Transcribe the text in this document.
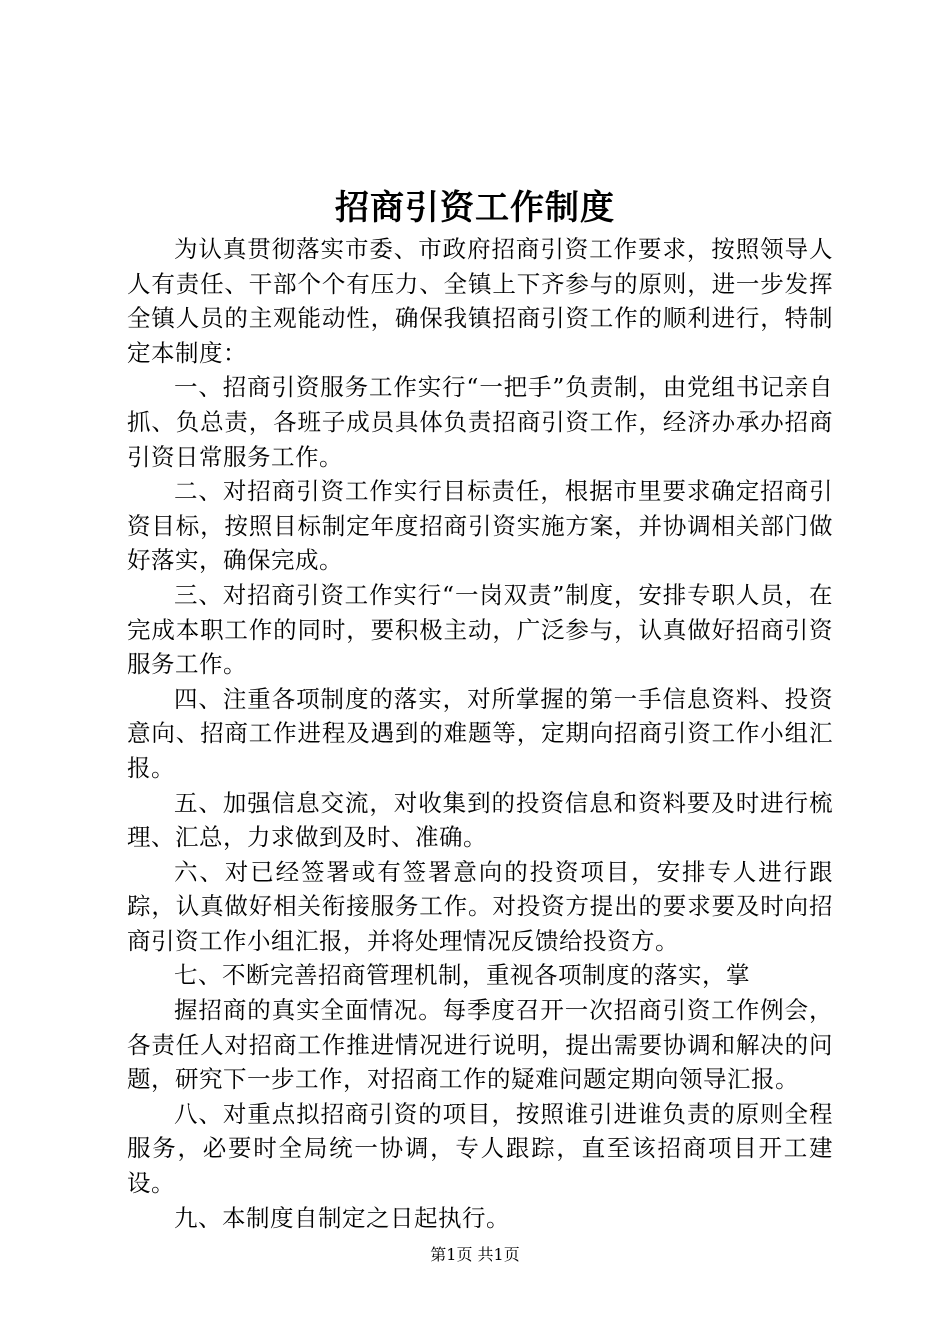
招商引资工作制度

为认真贯彻落实市委、市政府招商引资工作要求，按照领导人人有责任、干部个个有压力、全镇上下齐参与的原则，进一步发挥全镇人员的主观能动性，确保我镇招商引资工作的顺利进行，特制定本制度：

一、招商引资服务工作实行“一把手”负责制，由党组书记亲自抓、负总责，各班子成员具体负责招商引资工作，经济办承办招商引资日常服务工作。

二、对招商引资工作实行目标责任，根据市里要求确定招商引资目标，按照目标制定年度招商引资实施方案，并协调相关部门做好落实，确保完成。

三、对招商引资工作实行“一岗双责”制度，安排专职人员，在完成本职工作的同时，要积极主动，广泛参与，认真做好招商引资服务工作。

四、注重各项制度的落实，对所掌握的第一手信息资料、投资意向、招商工作进程及遇到的难题等，定期向招商引资工作小组汇报。

五、加强信息交流，对收集到的投资信息和资料要及时进行梳理、汇总，力求做到及时、准确。

六、对已经签署或有签署意向的投资项目，安排专人进行跟踪，认真做好相关衔接服务工作。对投资方提出的要求要及时向招商引资工作小组汇报，并将处理情况反馈给投资方。

七、不断完善招商管理机制，重视各项制度的落实，掌

握招商的真实全面情况。每季度召开一次招商引资工作例会，各责任人对招商工作推进情况进行说明，提出需要协调和解决的问题，研究下一步工作，对招商工作的疑难问题定期向领导汇报。

八、对重点拟招商引资的项目，按照谁引进谁负责的原则全程服务，必要时全局统一协调，专人跟踪，直至该招商项目开工建设。

九、本制度自制定之日起执行。

第1页 共1页
